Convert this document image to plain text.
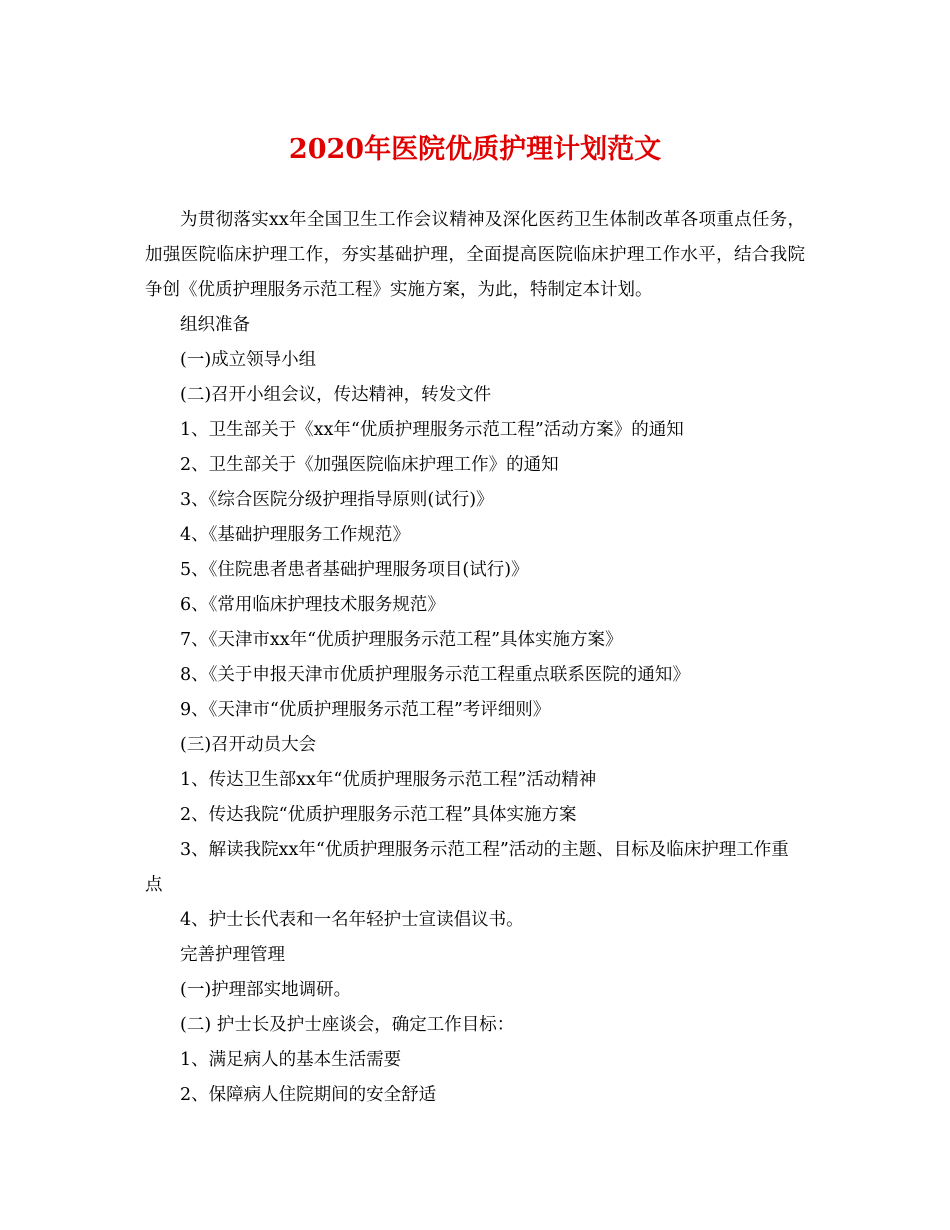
2020年医院优质护理计划范文

为贯彻落实xx年全国卫生工作会议精神及深化医药卫生体制改革各项重点任务，加强医院临床护理工作，夯实基础护理，全面提高医院临床护理工作水平，结合我院争创《优质护理服务示范工程》实施方案，为此，特制定本计划。

组织准备

(一)成立领导小组

(二)召开小组会议，传达精神，转发文件

1、卫生部关于《xx年“优质护理服务示范工程”活动方案》的通知

2、卫生部关于《加强医院临床护理工作》的通知

3、《综合医院分级护理指导原则(试行)》

4、《基础护理服务工作规范》

5、《住院患者患者基础护理服务项目(试行)》

6、《常用临床护理技术服务规范》

7、《天津市xx年“优质护理服务示范工程”具体实施方案》

8、《关于申报天津市优质护理服务示范工程重点联系医院的通知》

9、《天津市“优质护理服务示范工程”考评细则》

(三)召开动员大会

1、传达卫生部xx年“优质护理服务示范工程”活动精神

2、传达我院“优质护理服务示范工程”具体实施方案

3、解读我院xx年“优质护理服务示范工程”活动的主题、目标及临床护理工作重点

4、护士长代表和一名年轻护士宣读倡议书。

完善护理管理

(一)护理部实地调研。

(二) 护士长及护士座谈会，确定工作目标：

1、满足病人的基本生活需要

2、保障病人住院期间的安全舒适
